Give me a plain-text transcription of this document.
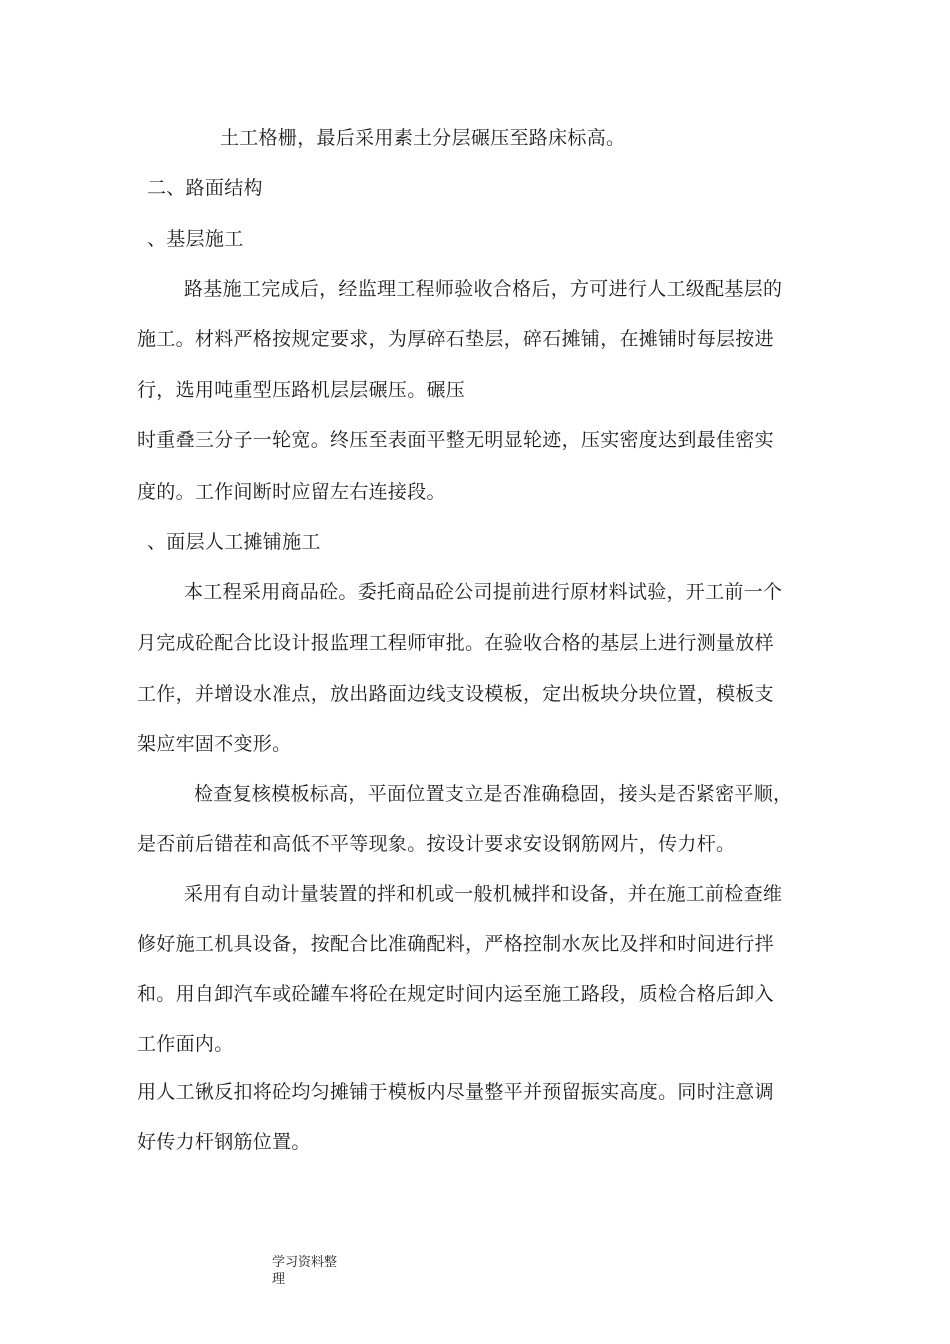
土工格栅，最后采用素土分层碾压至路床标高。

二、路面结构

、基层施工

路基施工完成后，经监理工程师验收合格后，方可进行人工级配基层的

施工。材料严格按规定要求，为厚碎石垫层，碎石摊铺，在摊铺时每层按进

行，选用吨重型压路机层层碾压。碾压

时重叠三分子一轮宽。终压至表面平整无明显轮迹，压实密度达到最佳密实

度的。工作间断时应留左右连接段。

、面层人工摊铺施工

本工程采用商品砼。委托商品砼公司提前进行原材料试验，开工前一个

月完成砼配合比设计报监理工程师审批。在验收合格的基层上进行测量放样

工作，并增设水准点，放出路面边线支设模板，定出板块分块位置，模板支

架应牢固不变形。

检查复核模板标高，平面位置支立是否准确稳固，接头是否紧密平顺，

是否前后错茬和高低不平等现象。按设计要求安设钢筋网片，传力杆。

采用有自动计量装置的拌和机或一般机械拌和设备，并在施工前检查维

修好施工机具设备，按配合比准确配料，严格控制水灰比及拌和时间进行拌

和。用自卸汽车或砼罐车将砼在规定时间内运至施工路段，质检合格后卸入

工作面内。

用人工锹反扣将砼均匀摊铺于模板内尽量整平并预留振实高度。同时注意调

好传力杆钢筋位置。

学习资料整理
